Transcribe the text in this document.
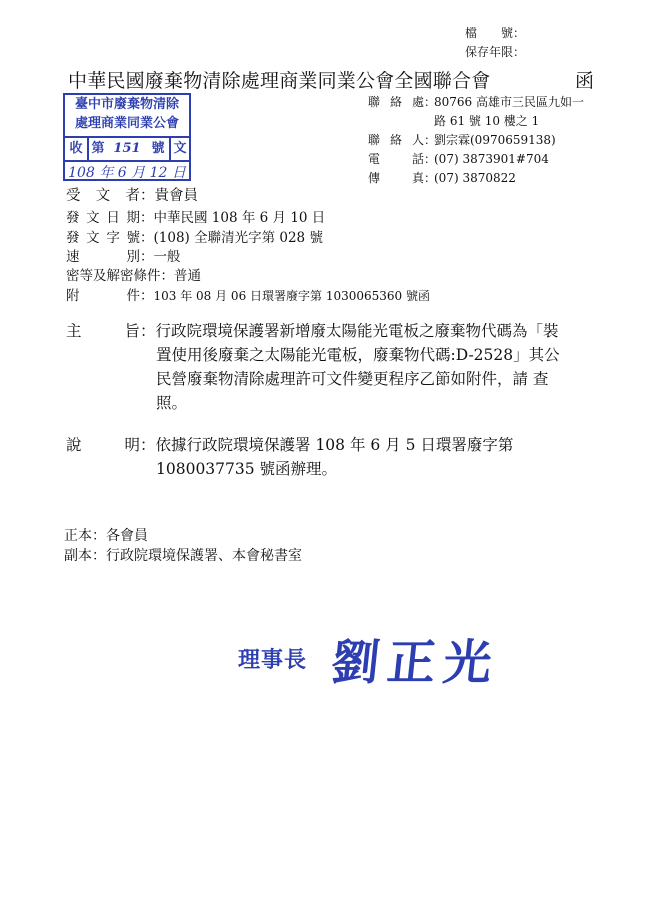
檔　　號：
保存年限：
中華民國廢棄物清除處理商業同業公會全國聯合會	函
臺中市廢棄物清除
處理商業同業公會
收 第 151 號 文
108 年 6 月 12 日
聯 絡 處 ：
80766 高雄市三民區九如一
路 61 號 10 樓之 1
聯 絡 人 ：
劉宗霖(0970659138)
電　　話 ：
(07) 3873901#704
傳　　真 ：
(07) 3870822
受文者：貴會員
發文日期：中華民國 108 年 6 月 10 日
發文字號：(108) 全聯清光字第 028 號
速別：一般
密等及解密條件：普通
附件：103 年 08 月 06 日環署廢字第 1030065360 號函
主　　旨：行政院環境保護署新增廢太陽能光電板之廢棄物代碼為「裝
置使用後廢棄之太陽能光電板，廢棄物代碼:D-2528」其公
民營廢棄物清除處理許可文件變更程序乙節如附件，請 查
照。
說　　明：依據行政院環境保護署 108 年 6 月 5 日環署廢字第
1080037735 號函辦理。
正本：各會員
副本：行政院環境保護署、本會秘書室
理事長 劉正光
